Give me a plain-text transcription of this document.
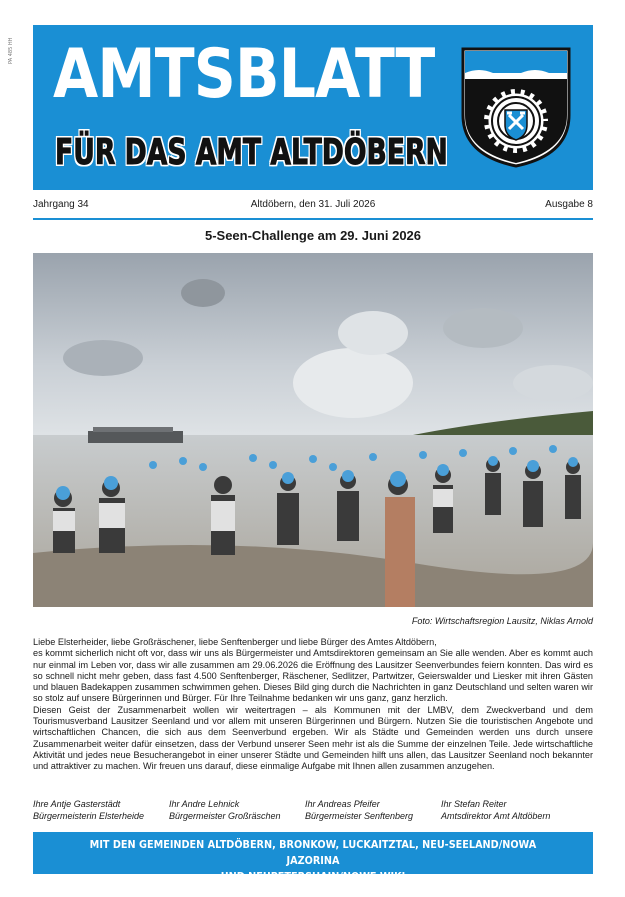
PA 485 HH AMTSBLATT
FÜR DAS AMT ALTDÖBERN
Jahrgang 34	Altdöbern, den 31. Juli 2026	Ausgabe 8
5-Seen-Challenge am 29. Juni 2026
Foto: Wirtschaftsregion Lausitz, Niklas Arnold

Liebe Elsterheider, liebe Großräschener, liebe Senftenberger und liebe Bürger des Amtes Altdöbern,

es kommt sicherlich nicht oft vor, dass wir uns als Bürgermeister und Amtsdirektoren gemeinsam an Sie alle wenden. Aber es kommt auch nur einmal im Leben vor, dass wir alle zusammen am 29.06.2026 die Eröffnung des Lausitzer Seenverbundes feiern konnten. Das wird es so schnell nicht mehr geben, dass fast 4.500 Senftenberger, Räschener, Sedlitzer, Partwitzer, Geierswalder und Liesker mit ihren Gästen und blauen Badekappen zusammen schwimmen gehen. Dieses Bild ging durch die Nachrichten in ganz Deutschland und selten waren wir so stolz auf unsere Bürgerinnen und Bürger. Für Ihre Teilnahme bedanken wir uns ganz, ganz herzlich.

Diesen Geist der Zusammenarbeit wollen wir weitertragen – als Kommunen mit der LMBV, dem Zweckverband und dem Tourismusverband Lausitzer Seenland und vor allem mit unseren Bürgerinnen und Bürgern. Nutzen Sie die touristischen Angebote und wirtschaftlichen Chancen, die sich aus dem Seenverbund ergeben. Wir als Städte und Gemeinden werden uns durch unsere Zusammenarbeit weiter dafür einsetzen, dass der Verbund unserer Seen mehr ist als die Summe der einzelnen Teile. Jede wirtschaftliche Aktivität und jedes neue Besucherangebot in einer unserer Städte und Gemeinden hilft uns allen, das Lausitzer Seenland noch bekannter und attraktiver zu machen. Wir freuen uns darauf, diese einmalige Aufgabe mit Ihnen allen zusammen anzugehen.

Ihre Antje Gasterstädt
Bürgermeisterin Elsterheide
Ihr Andre Lehnick
Bürgermeister Großräschen
Ihr Andreas Pfeifer
Bürgermeister Senftenberg
Ihr Stefan Reiter
Amtsdirektor Amt Altdöbern
MIT DEN GEMEINDEN ALTDÖBERN, BRONKOW, LUCKAITZTAL, NEU-SEELAND/NOWA JAZORINA
UND NEUPETERSHAIN/NOWE WIKI
